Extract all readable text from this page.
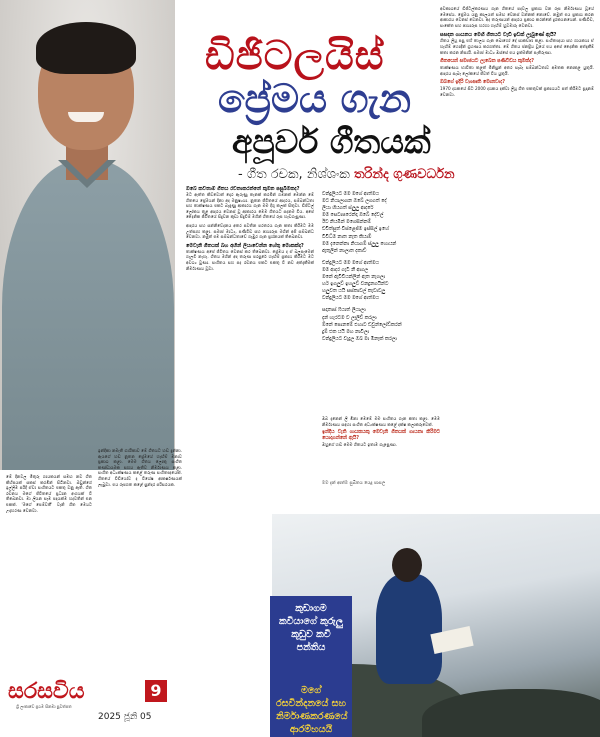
ඩිජිටලයිස්
ප්‍රේමය ගැන
අපූර්ව ගීතයක්
- ගීත රචක, නිශ්ශංක තරින්ද ගුණවර්ධන
ඔබේ කවතාම් ගීතය රචනාකරන්නේ කුමන පසුබිමකද?
මට ඇත්ත කිව්වොත් දොර ඇරුණු තැනක් කරමින් ගමනක් මෙන්න මේ ගීතයෙ ප්‍රේමයන් දිනා අද මනුෂ්‍යයා. නූතන ජීවිතයේ ආදරය, සම්බන්ධතා සහ තාක්ෂණය එකට බැඳුණු ආකාරය ගැන මම දිගු කලක් සිතුවා. ඩිජිටල් ලෝකය තුළ ආදරය වෙනස් වූ ආකාරය මෙම ගීතයට පදනම විය. අපේ දෛනික ජීවිතයේ සිදුවන කුඩා සිදුවීම් මගින් ගීතයේ රූප හැඩගැසුණා.
ආදරය සහ සන්නිවේදනය අතර පවතින පරතරය ගැන කතා කිරීමට මම උත්සාහ කළා. සමාජ මාධ්‍ය, පණිවිඩ සහ ඡායාරූප මගින් අපි සම්බන්ධ වෙනවා. නමුත් එම සම්බන්ධතාවේ ගැඹුර ගැන ප්‍රශ්නයක් තිබෙනවා.
මෙවැනි ගීතයක් බහ අභින් ලියාවෙන්න හේතු මොකක්ද?
තාක්ෂණය අපේ ජීවිතය වෙනස් කර තිබෙනවා. ප්‍රේමය ද ඒ බලපෑමෙන් ගැලවී නැහැ. ගීතය මගින් අද තරුණ පරපුරේ හැඟීම් ප්‍රකාශ කිරීමට මට අවශ්‍ය වුණා. සංගීතය සහ පද රචනය එකට එකතු වී නව අත්දැකීමක් නිර්මාණය වූවා.
වන්දුලියට මම මගේ ආත්මය
මට නියාලාගන ඔබේ ලගගත් දේ
ලියා හියගත් ස්ලුලු ආදරේ
මම සෙටාපරෙන්දා ඔබේ දේවල්
ඊට නියමින් මගෙසින්නම්
චචිත්සුත් විස්ළෙජ්ම ඉස්සිල් ඉහේ
විවිධ්ම නාත නැත කියාම්
මම දැනෙන්නා නියාගම් ස්ලුලු හොයන්
ඇතුලින් නාලාත දකාච්
චන්දුලියට මම මගේ ආත්මය
මම ආදර ගැටී නී ආගල
මනේ ඇවිචියන්ලින් ඇත නැගලා
හර් ඉගලුව් ඉහලුව් වනදුනගයින්ට
හලුවත යයි සස්කාවල් කැවාවලු
වන්දුලියට මම මගේ ආත්මය
සදාතාස් ෆියාත් ලියාලා
දැන් හැරටම ව ලෑලිව් කරලා
ම්නේ පොනමේ එහාට ඩවුන්ලෝඩ්කරන්
දුම් එක යයි මහ නාවිලා
වන්දුලියට වැදුල ඔබ මා මිනෑක් කරලා
ඔබ දැනෙන් ලී මිනා මෙමේ මම සංගීතය ගැන කතා කළා. මෙම නිර්මාණය සඳහා සංගීත අධ්‍යක්ෂණය කළේ දක්ෂ කලාකරුවෙක්.
ඉන්දීය වැනි ගායකයකු මෙවැනි ගීතයක් ගායනා කිරීමට යොදාගන්නේ ඇයි?
ඔහුගේ හඬ මෙම ගීතයට ඉතාම ගැළපුණා.
මම දැන් ආත්ම සුඛිතය යෙදූ පාසල
අවකාශයේ ඩිජිටල්කරණය ගැන ගීතයේ පදවල ප්‍රකාශ වන රූප නිර්මාණය වූයේ මෙසේය. ප්‍රේමය යනු කාලයත් සමඟ වෙනස් වන්නක් නොවේ. නමුත් එය ප්‍රකාශ කරන ආකාරය වෙනස් වෙනවා. අද තරුණයන් ආදරය ප්‍රකාශ කරන්නේ දුරකථනයෙන්. පණිවිඩ, සංකේත සහ ඡායාරූප හරහා හැඟීම් හුවමාරු වෙනවා.
සසඳන ගායනය මෙහි ගීතයට වැඩි ඉඩක් ලැබුණේ ඇයි?
ගීතය ලියූ පසු එහි තාලය ගැන බොහෝ දේ සාකච්ඡා කළා. සංගීතඥයා සහ ගායකයා ඒ හැඟීම් හොඳින් ග්‍රහණය කරගත්තා. මේ ගීතය ජනප්‍රිය වූයේ එය අපේ දෛනික අත්දැකීම් කතා කරන නිසායි. සමාජ මාධ්‍ය ඔස්සේ එය ඉක්මනින් පැතිරුණා.
ගීතයෙන් සමාජයට ලැබෙන පණිවිඩය කුමක්ද?
තාක්ෂණය භාවිතා කළත් මිනිසුන් අතර සැබෑ සම්බන්ධතාව අමතක නොකළ යුතුයි. ආදරය සැබෑ ලෝකයේ ජීවත් විය යුතුයි.
ඔබගේ ඉදිරි ව්‍යාපෘති මොනවාද?
1970 දශකයේ සිට 2000 දශකය දක්වා ලියූ ගීත එකතුවක් ප්‍රකාශයට පත් කිරීමට සූදානම් වෙනවා.
මේ දිනවල මිතුරු ගායකයන් සමඟ නව ගීත කිහිපයක් සකස් කරමින් සිටිනවා. ඔවුන්ගේ ඉල්ලීම පරිදි ඒවා සංගීතයට එකතු වනු ඇති. ගීත රචනය මගේ ජීවිතයේ ප්‍රධාන අංගයක් වී තිබෙනවා. මා ලියන සෑම පදයක්ම හදවතින් එන එකක්. 'මගේ පෙම්වතී' වැනි ගීත මෙයට උදාහරණ වෙනවා.
ඉන්දිකා නමැති ගායිකාව මේ ගීතයට හඬ දුන්නා. ඇයගේ හඬ නූතන ප්‍රේමයේ හැඟීම් මනාව ප්‍රකාශ කළා. මෙම ගීතය ලොකු සංගීත කණ්ඩායමක සහය ඇතිව නිර්මාණය කළා. සංගීත අධ්‍යක්ෂණය කළේ තරුණ සංගීතඥයෙක්. ගීතයේ වීඩියෝව ද විශේෂ ආකර්ෂණයක් ලැබුවා. එය රූපගත කළේ සුන්දර පරිසරයක.
කුඩාගම කවියාගේ කුරුලු කූඩුව කවි පන්තිය
මගේ රසවින්දනයේ සහ නිර්මාණකරණයේ ආරම්භයයි
සරසවිය
ශ්‍රී ලංකාවේ ප්‍රථම සිනමා පුවත්පත
9
2025 ජූනි 05
